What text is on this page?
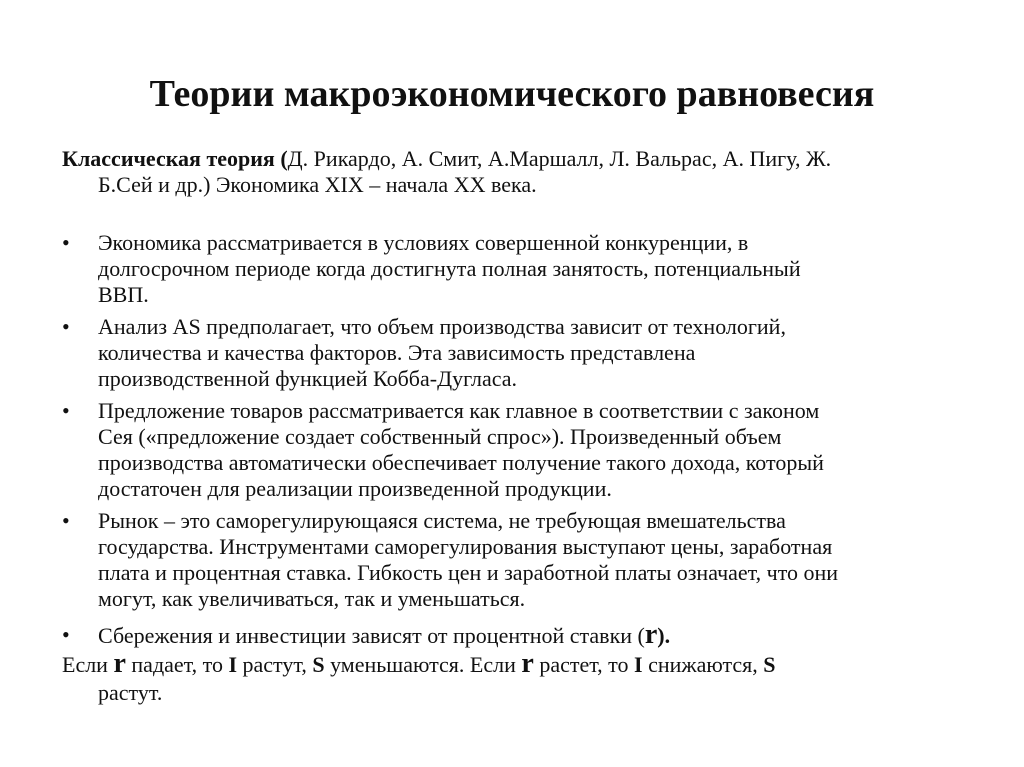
Теории макроэкономического равновесия
Классическая теория (Д. Рикардо, А. Смит, А.Маршалл, Л. Вальрас, А. Пигу, Ж.
Б.Сей и др.) Экономика XIX – начала XX века.
• Экономика рассматривается в условиях совершенной конкуренции, в
долгосрочном периоде когда достигнута полная занятость, потенциальный
ВВП.
• Анализ AS предполагает, что объем производства зависит от технологий,
количества и качества факторов. Эта зависимость представлена
производственной функцией Кобба-Дугласа.
• Предложение товаров рассматривается как главное в соответствии с законом
Сея («предложение создает собственный спрос»). Произведенный объем
производства автоматически обеспечивает получение такого дохода, который
достаточен для реализации произведенной продукции.
• Рынок – это саморегулирующаяся система, не требующая вмешательства
государства. Инструментами саморегулирования выступают цены, заработная
плата и процентная ставка. Гибкость цен и заработной платы означает, что они
могут, как увеличиваться, так и уменьшаться.
• Сбережения и инвестиции зависят от процентной ставки (r).
Если r падает, то I растут, S уменьшаются. Если r растет, то I снижаются, S
растут.
